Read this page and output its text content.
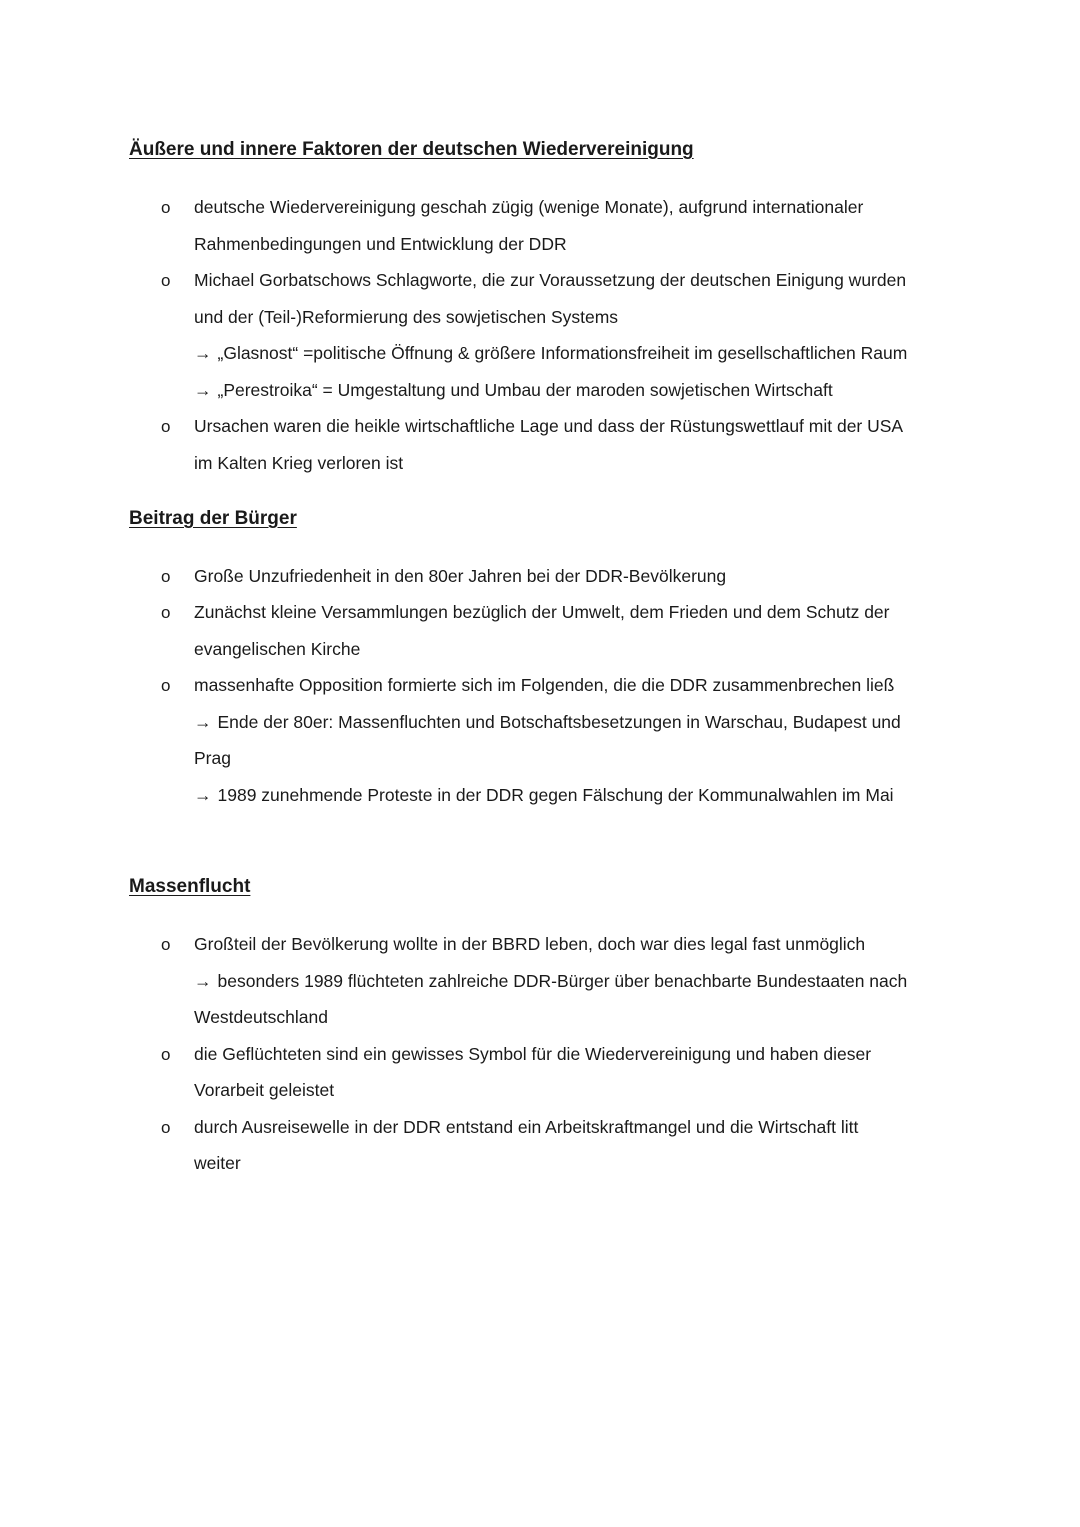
Äußere und innere Faktoren der deutschen Wiedervereinigung
o deutsche Wiedervereinigung geschah zügig (wenige Monate), aufgrund internationaler
Rahmenbedingungen und Entwicklung der DDR
o Michael Gorbatschows Schlagworte, die zur Voraussetzung der deutschen Einigung wurden
und der (Teil-)Reformierung des sowjetischen Systems
→ „Glasnost“ =politische Öffnung & größere Informationsfreiheit im gesellschaftlichen Raum
→ „Perestroika“ = Umgestaltung und Umbau der maroden sowjetischen Wirtschaft
o Ursachen waren die heikle wirtschaftliche Lage und dass der Rüstungswettlauf mit der USA
im Kalten Krieg verloren ist
Beitrag der Bürger
o Große Unzufriedenheit in den 80er Jahren bei der DDR-Bevölkerung
o Zunächst kleine Versammlungen bezüglich der Umwelt, dem Frieden und dem Schutz der
evangelischen Kirche
o massenhafte Opposition formierte sich im Folgenden, die die DDR zusammenbrechen ließ
→ Ende der 80er: Massenfluchten und Botschaftsbesetzungen in Warschau, Budapest und
Prag
→ 1989 zunehmende Proteste in der DDR gegen Fälschung der Kommunalwahlen im Mai
Massenflucht
o Großteil der Bevölkerung wollte in der BBRD leben, doch war dies legal fast unmöglich
→ besonders 1989 flüchteten zahlreiche DDR-Bürger über benachbarte Bundestaaten nach
Westdeutschland
o die Geflüchteten sind ein gewisses Symbol für die Wiedervereinigung und haben dieser
Vorarbeit geleistet
o durch Ausreisewelle in der DDR entstand ein Arbeitskraftmangel und die Wirtschaft litt
weiter
